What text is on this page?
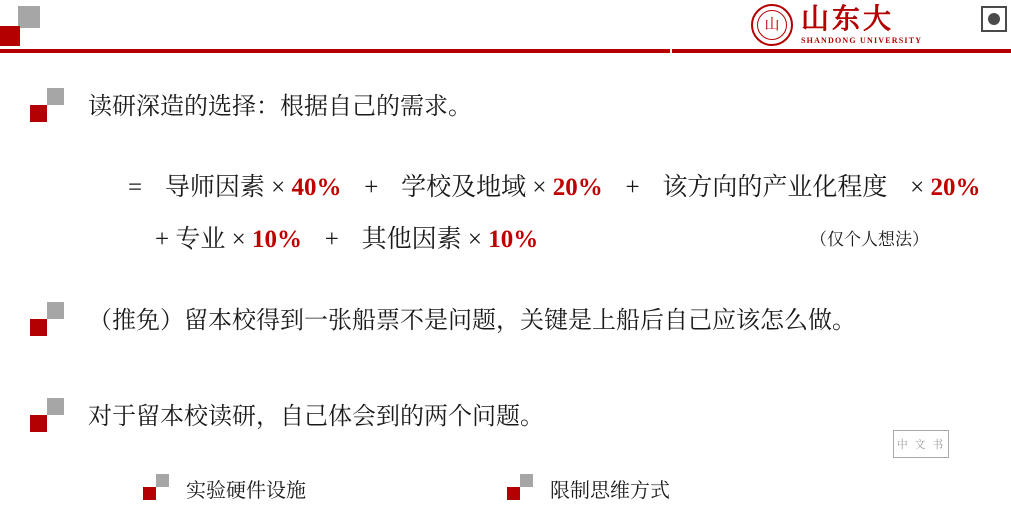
山 山东大
SHANDONG UNIVERSITY
读研深造的选择：根据自己的需求。
= 导师因素 × 40% + 学校及地域 × 20% + 该方向的产业化程度 × 20%
+ 专业 × 10% + 其他因素 × 10%	（仅个人想法）
（推免）留本校得到一张船票不是问题，关键是上船后自己应该怎么做。
对于留本校读研，自己体会到的两个问题。
实验硬件设施	限制思维方式
中 文 书
